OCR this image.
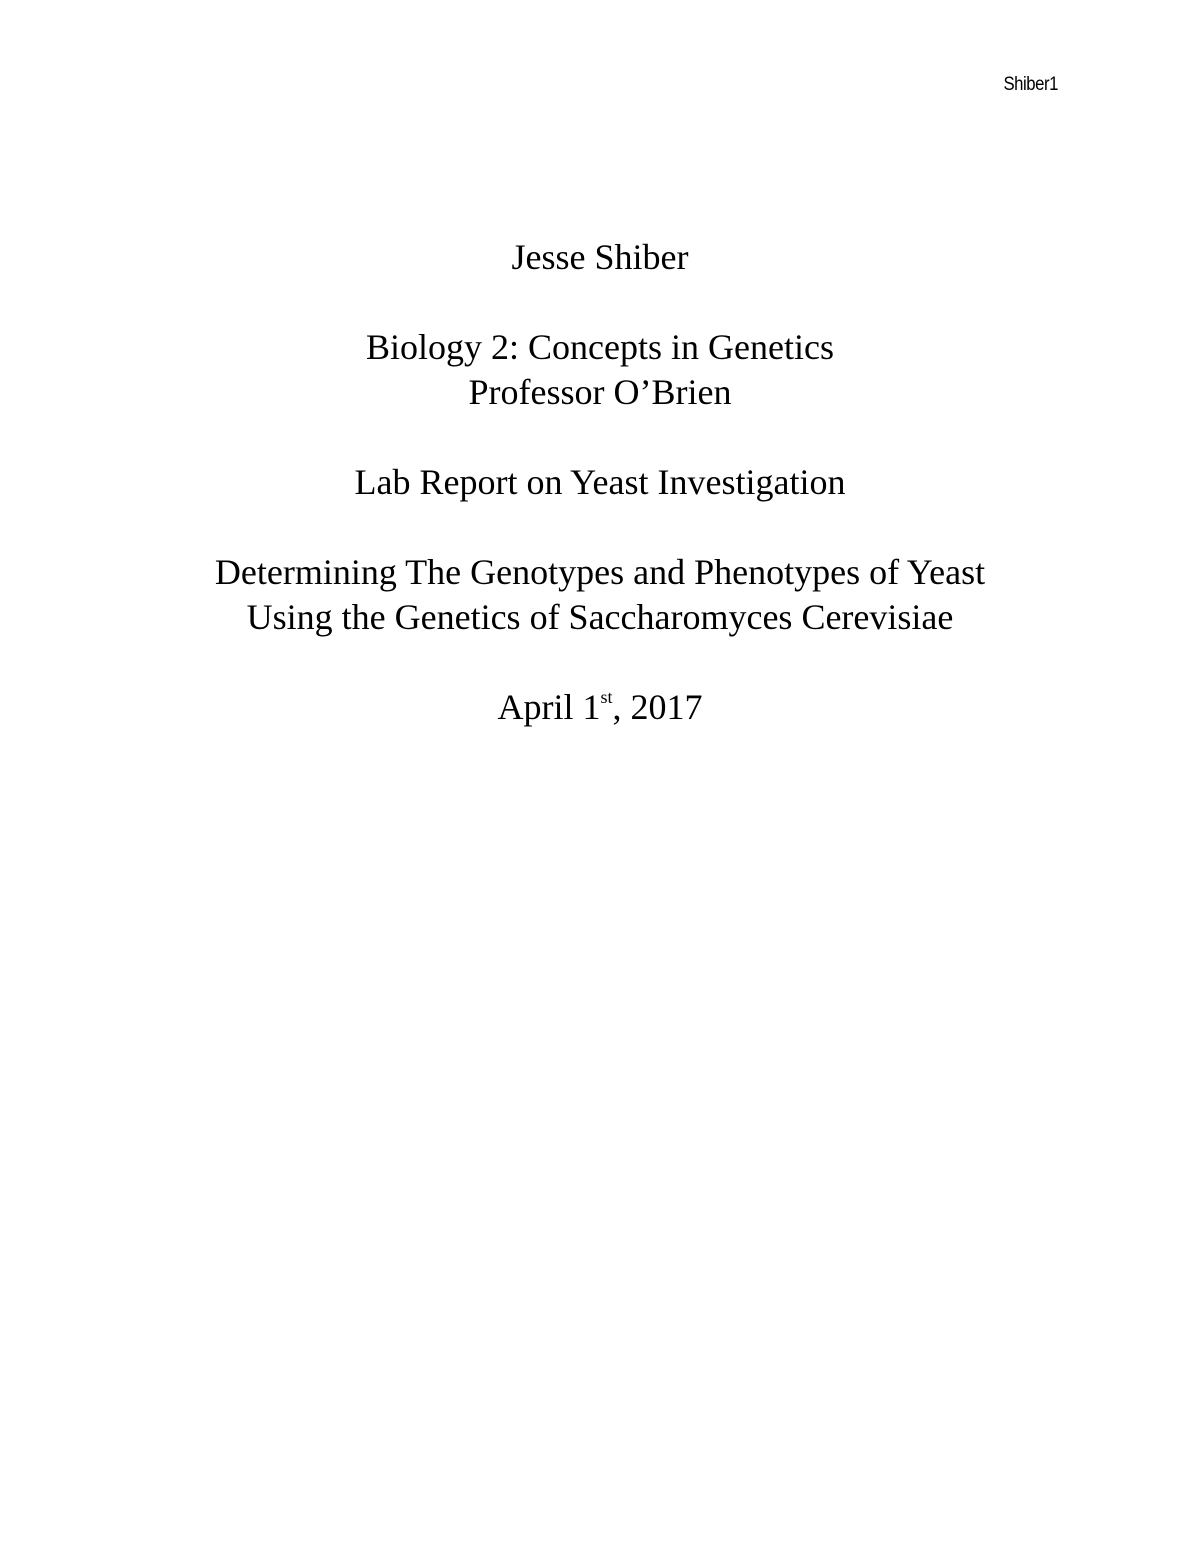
Shiber1
Jesse Shiber
Biology 2: Concepts in Genetics
Professor O’Brien
Lab Report on Yeast Investigation
Determining The Genotypes and Phenotypes of Yeast
Using the Genetics of Saccharomyces Cerevisiae
April 1st, 2017
